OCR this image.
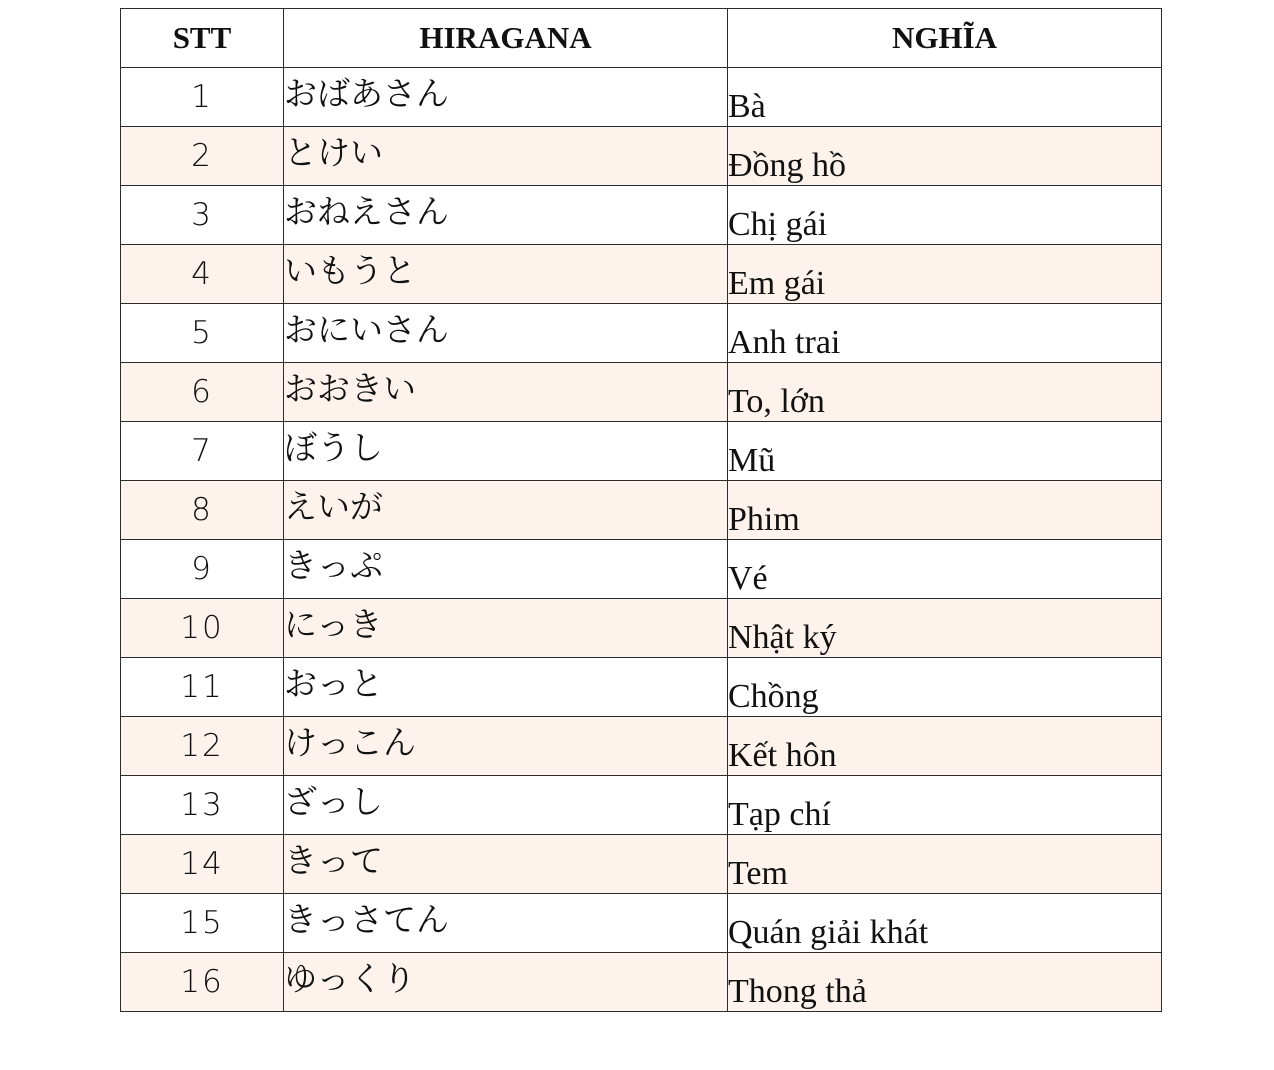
STT	HIRAGANA	NGHĨA
1	おばあさん	Bà
2	とけい	Đồng hồ
3	おねえさん	Chị gái
4	いもうと	Em gái
5	おにいさん	Anh trai
6	おおきい	To, lớn
7	ぼうし	Mũ
8	えいが	Phim
9	きっぷ	Vé
10	にっき	Nhật ký
11	おっと	Chồng
12	けっこん	Kết hôn
13	ざっし	Tạp chí
14	きって	Tem
15	きっさてん	Quán giải khát
16	ゆっくり	Thong thả
